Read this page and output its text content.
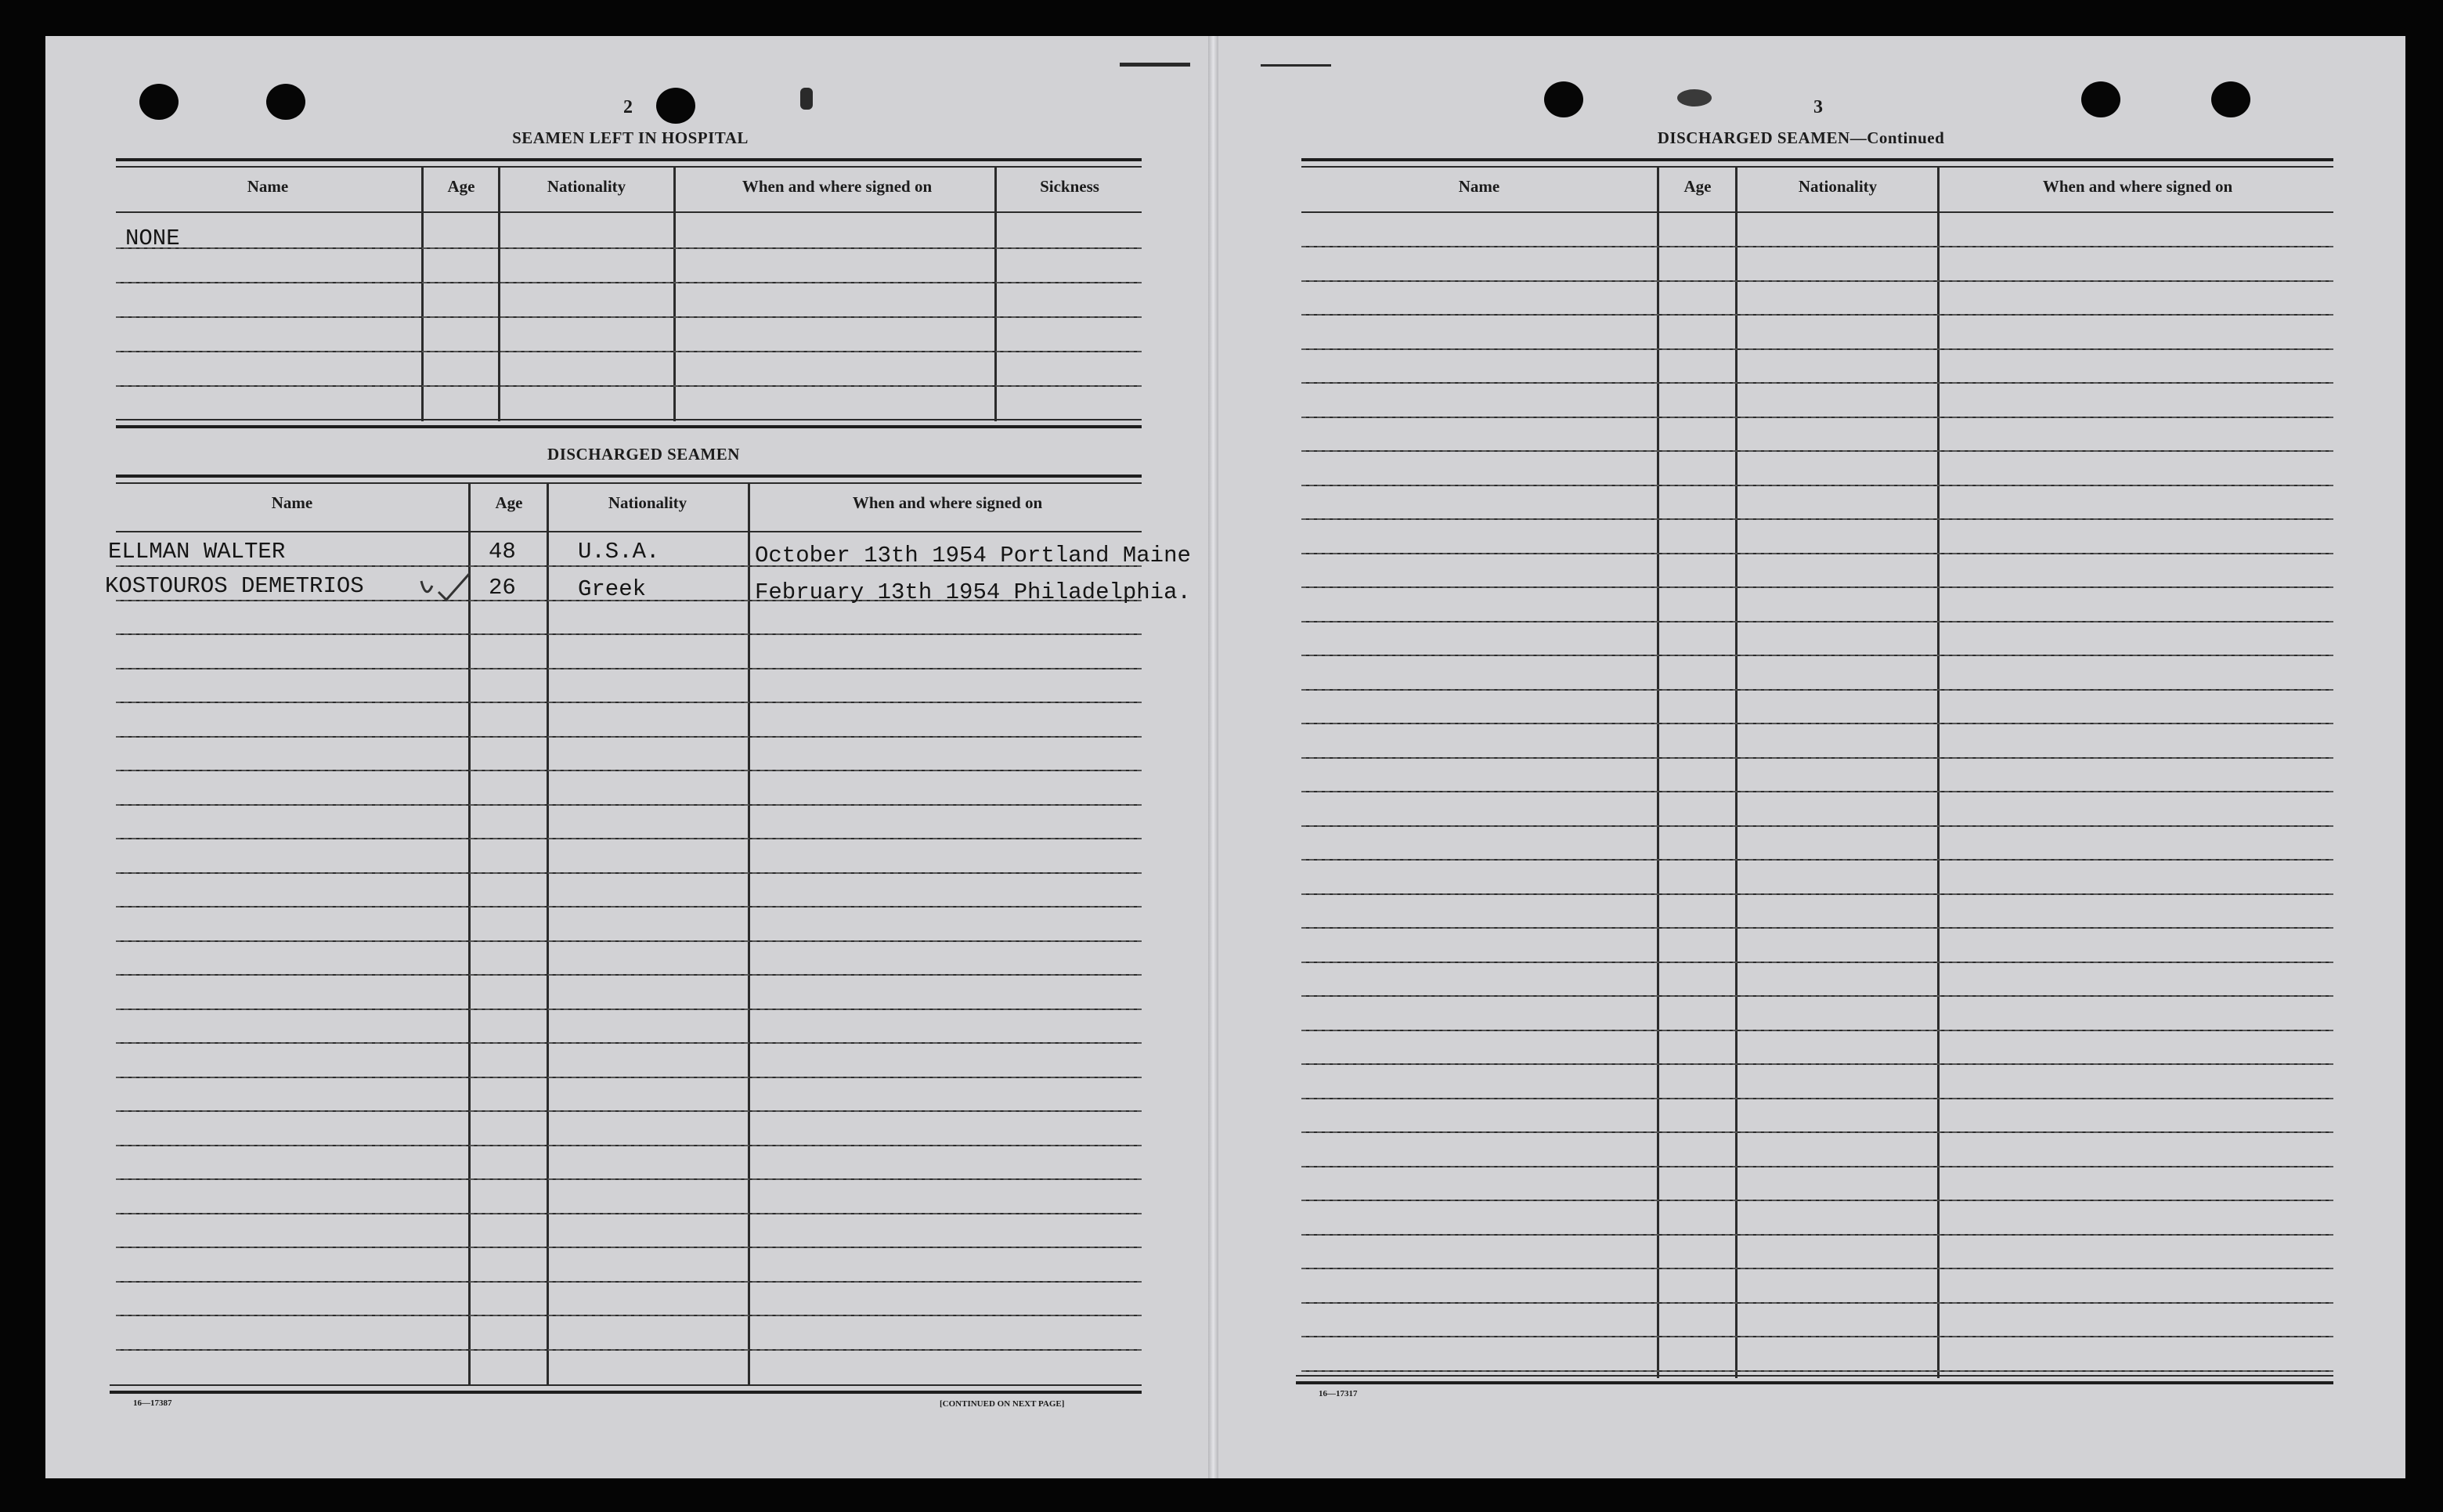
2
SEAMEN LEFT IN HOSPITAL
Name	Age	Nationality	When and where signed on	Sickness
NONE
DISCHARGED SEAMEN
Name	Age	Nationality	When and where signed on
ELLMAN WALTER	48	U.S.A.	October 13th 1954 Portland Maine
KOSTOUROS DEMETRIOS	26	Greek	February 13th 1954 Philadelphia.
16—17387	[CONTINUED ON NEXT PAGE]
3
DISCHARGED SEAMEN—Continued
Name	Age	Nationality	When and where signed on
16—17317
